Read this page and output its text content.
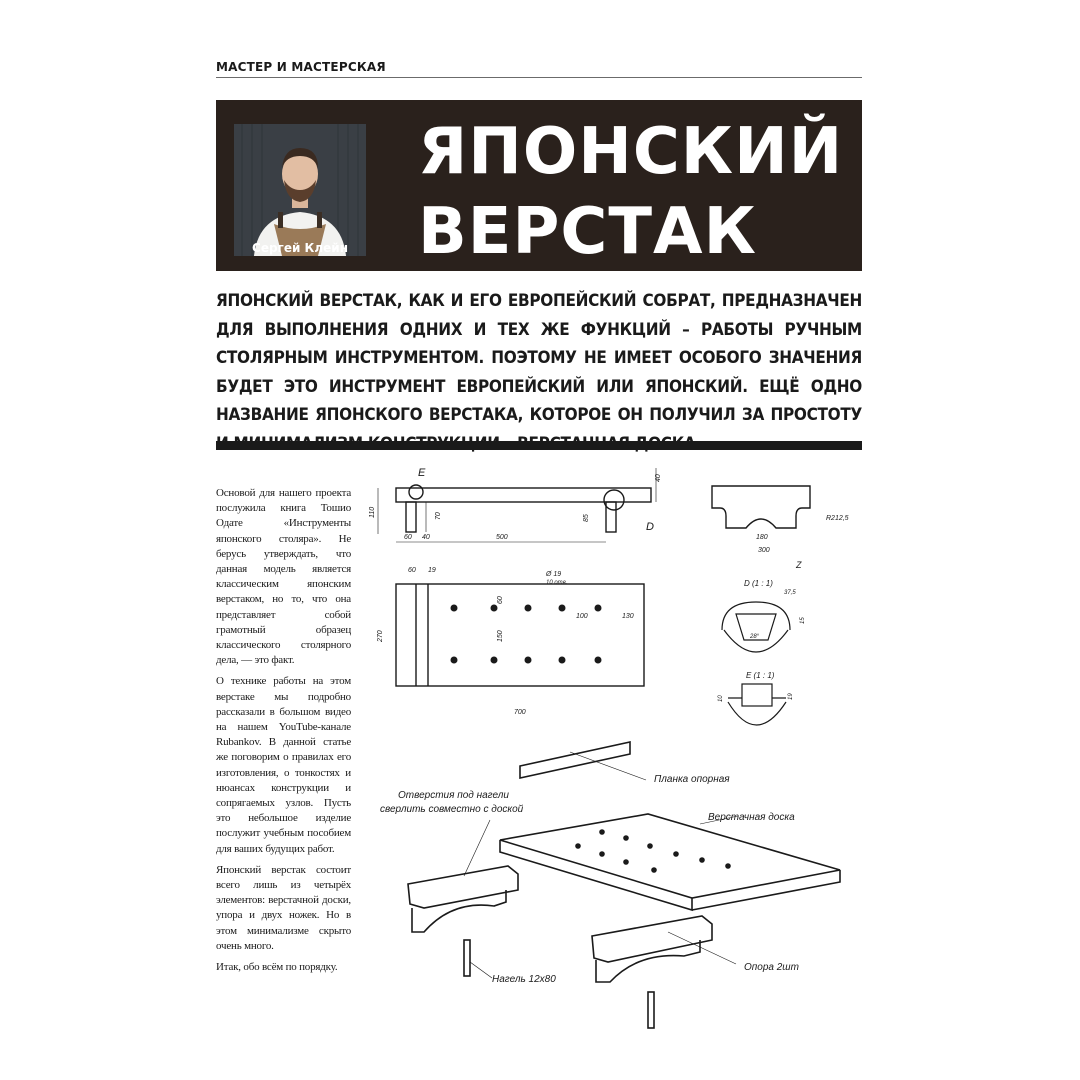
МАСТЕР И МАСТЕРСКАЯ
Сергей Клейн
ЯПОНСКИЙ
ВЕРСТАК
ЯПОНСКИЙ ВЕРСТАК, КАК И ЕГО ЕВРОПЕЙСКИЙ СОБРАТ, ПРЕДНАЗНАЧЕН ДЛЯ ВЫПОЛНЕНИЯ ОДНИХ И ТЕХ ЖЕ ФУНКЦИЙ – РАБОТЫ РУЧНЫМ СТОЛЯРНЫМ ИНСТРУМЕНТОМ. ПОЭТОМУ НЕ ИМЕЕТ ОСОБОГО ЗНАЧЕНИЯ БУДЕТ ЭТО ИНСТРУМЕНТ ЕВРОПЕЙСКИЙ ИЛИ ЯПОНСКИЙ. ЕЩЁ ОДНО НАЗВАНИЕ ЯПОНСКОГО ВЕРСТАКА, КОТОРОЕ ОН ПОЛУЧИЛ ЗА ПРОСТОТУ

Основой для нашего проекта послужила книга Тошио Одате «Инструменты японского столяра». Не берусь утверждать, что данная модель является классическим японским верстаком, но то, что она представляет собой грамотный образец классического столярного дела, — это факт.

О технике работы на этом верстаке мы подробно рассказали в большом видео на нашем YouTube-канале Rubankov. В данной статье же поговорим о правилах его изготовления, о тонкостях и нюансах конструкции и сопрягаемых узлов. Пусть это небольшое изделие послужит учебным пособием для ваших будущих работ.

Японский верстак состоит всего лишь из четырёх элементов: верстачной доски, упора и двух ножек. Но в этом минимализме скрыто очень много.

Итак, обо всём по порядку.

110	70	85
40
60 40	500
E
D
180
300
R212,5
Z
60 19
Ø 19
10 отв.
60
150
100	130
270
700
D (1 : 1)
37,5
15
28°
E (1 : 1)
10	19
Отверстия под нагели
сверлить совместно с доской
Планка опорная
Верстачная доска
Опора 2шт
Нагель 12х80
